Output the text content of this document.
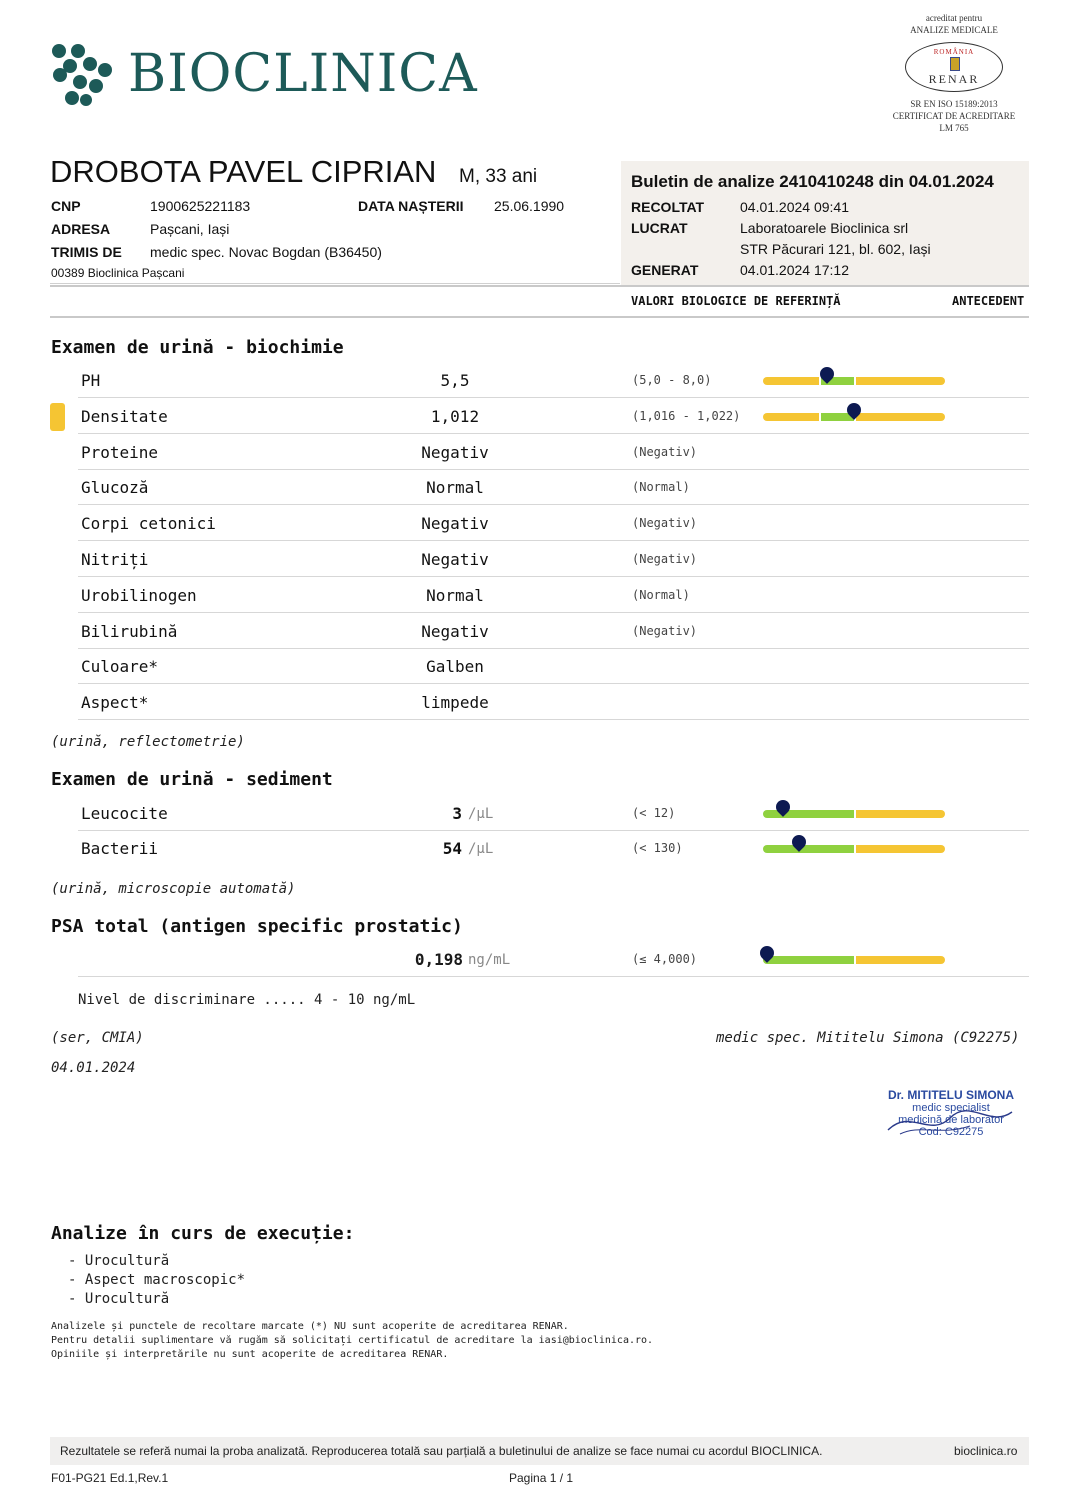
BIOCLINICA
acreditat pentru
ANALIZE MEDICALE
ROMÂNIA
RENAR
SR EN ISO 15189:2013
CERTIFICAT DE ACREDITARE
LM 765
DROBOTA PAVEL CIPRIAN M, 33 ani
CNP	1900625221183	DATA NAȘTERII 25.06.1990
ADRESA	Pașcani, Iași
TRIMIS DE medic spec. Novac Bogdan (B36450)
00389 Bioclinica Pașcani
Buletin de analize 2410410248 din 04.01.2024
RECOLTAT	04.01.2024 09:41
LUCRAT	Laboratoarele Bioclinica srl
STR Păcurari 121, bl. 602, Iași
GENERAT	04.01.2024 17:12
VALORI BIOLOGICE DE REFERINȚĂ	ANTECEDENT
Examen de urină - biochimie
PH	5,5	(5,0 - 8,0)
Densitate	1,012	(1,016 - 1,022)
Proteine	Negativ	(Negativ)
Glucoză	Normal	(Normal)
Corpi cetonici	Negativ	(Negativ)
Nitriți	Negativ	(Negativ)
Urobilinogen	Normal	(Normal)
Bilirubină	Negativ	(Negativ)
Culoare*	Galben
Aspect*	limpede
(urină, reflectometrie)
Examen de urină - sediment
Leucocite	3 /µL	(< 12)
Bacterii	54 /µL	(< 130)
(urină, microscopie automată)
PSA total (antigen specific prostatic)
0,198 ng/mL	(≤ 4,000)
Nivel de discriminare ..... 4 - 10 ng/mL
(ser, CMIA)
04.01.2024
medic spec. Mititelu Simona (C92275)
Dr. MITITELU SIMONA
medic specialist
medicină de laborator
Cod: C92275
Analize în curs de execuție:
- Urocultură
- Aspect macroscopic*
- Urocultură
Analizele și punctele de recoltare marcate (*) NU sunt acoperite de acreditarea RENAR.
Pentru detalii suplimentare vă rugăm să solicitați certificatul de acreditare la iasi@bioclinica.ro.
Opiniile și interpretările nu sunt acoperite de acreditarea RENAR.
Rezultatele se referă numai la proba analizată. Reproducerea totală sau parțială a buletinului de analize se face numai cu acordul BIOCLINICA.	bioclinica.ro
F01-PG21 Ed.1,Rev.1	Pagina 1 / 1
